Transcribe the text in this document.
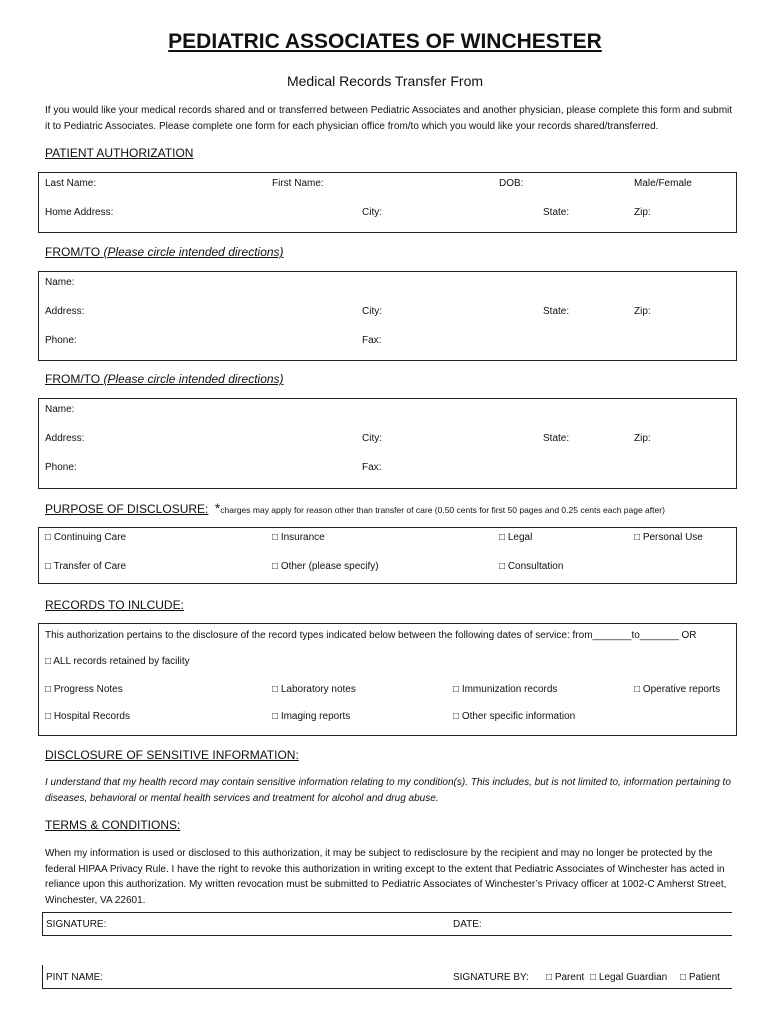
PEDIATRIC ASSOCIATES OF WINCHESTER
Medical Records Transfer From
If you would like your medical records shared and or transferred between Pediatric Associates and another physician, please complete this form and submit it to Pediatric Associates. Please complete one form for each physician office from/to which you would like your records shared/transferred.
PATIENT AUTHORIZATION
Last Name:	First Name:	DOB:	Male/Female
Home Address:	City:	State:	Zip:
FROM/TO (Please circle intended directions)
Name:
Address:	City:	State:	Zip:
Phone:	Fax:
FROM/TO (Please circle intended directions)
Name:
Address:	City:	State:	Zip:
Phone:	Fax:
PURPOSE OF DISCLOSURE: *charges may apply for reason other than transfer of care (0.50 cents for first 50 pages and 0.25 cents each page after)
□ Continuing Care	□ Insurance	□ Legal	□ Personal Use
□ Transfer of Care	□ Other (please specify)	□ Consultation
RECORDS TO INLCUDE:
This authorization pertains to the disclosure of the record types indicated below between the following dates of service: from_______to_______ OR
□ ALL records retained by facility
□ Progress Notes	□ Laboratory notes	□ Immunization records	□ Operative reports
□ Hospital Records	□ Imaging reports	□ Other specific information
DISCLOSURE OF SENSITIVE INFORMATION:
I understand that my health record may contain sensitive information relating to my condition(s). This includes, but is not limited to, information pertaining to diseases, behavioral or mental health services and treatment for alcohol and drug abuse.
TERMS & CONDITIONS:
When my information is used or disclosed to this authorization, it may be subject to redisclosure by the recipient and may no longer be protected by the federal HIPAA Privacy Rule. I have the right to revoke this authorization in writing except to the extent that Pediatric Associates of Winchester has acted in reliance upon this authorization. My written revocation must be submitted to Pediatric Associates of Winchester’s Privacy officer at 1002-C Amherst Street, Winchester, VA 22601.
SIGNATURE:	DATE:
PINT NAME:	SIGNATURE BY: □ Parent □ Legal Guardian □ Patient
